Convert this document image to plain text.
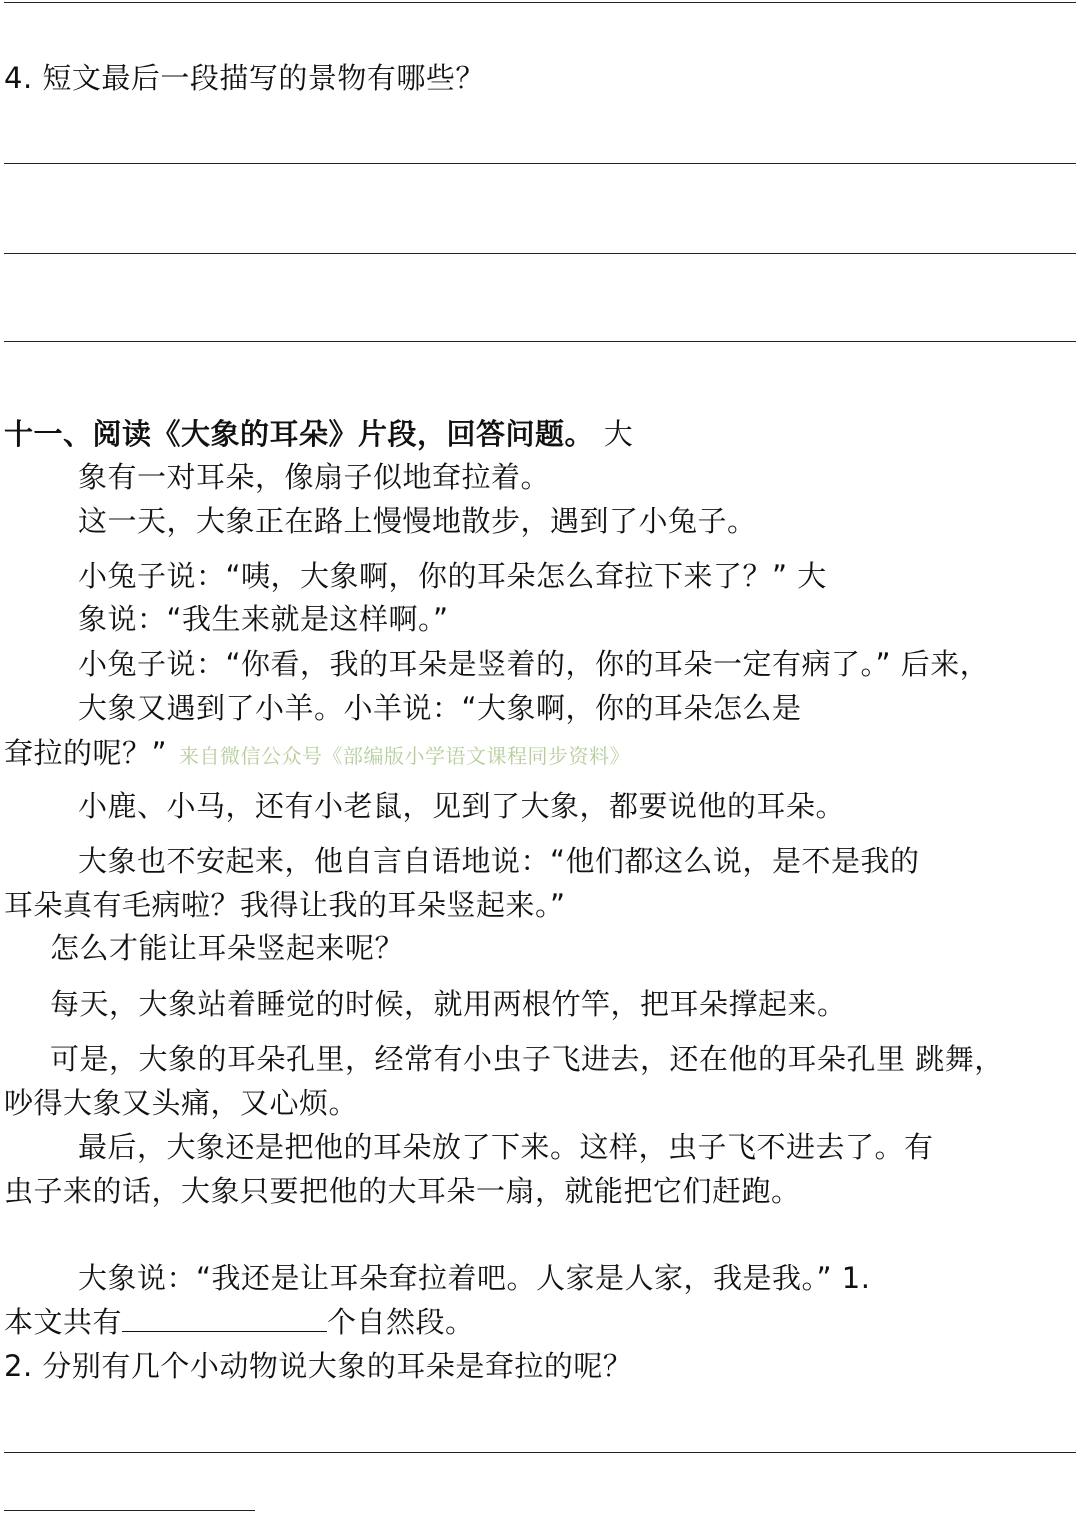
4. 短文最后一段描写的景物有哪些？
十一、阅读《大象的耳朵》片段，回答问题。 大
象有一对耳朵，像扇子似地耷拉着。
这一天，大象正在路上慢慢地散步，遇到了小兔子。
小兔子说：“咦，大象啊，你的耳朵怎么耷拉下来了？” 大
象说：“我生来就是这样啊。”
小兔子说：“你看，我的耳朵是竖着的，你的耳朵一定有病了。” 后来，
大象又遇到了小羊。小羊说：“大象啊，你的耳朵怎么是
耷拉的呢？” 来自微信公众号《部编版小学语文课程同步资料》
小鹿、小马，还有小老鼠，见到了大象，都要说他的耳朵。
大象也不安起来，他自言自语地说：“他们都这么说，是不是我的
耳朵真有毛病啦？我得让我的耳朵竖起来。”
怎么才能让耳朵竖起来呢？
每天，大象站着睡觉的时候，就用两根竹竿，把耳朵撑起来。
可是，大象的耳朵孔里，经常有小虫子飞进去，还在他的耳朵孔里 跳舞，
吵得大象又头痛，又心烦。
最后，大象还是把他的耳朵放了下来。这样，虫子飞不进去了。有
虫子来的话，大象只要把他的大耳朵一扇，就能把它们赶跑。
大象说：“我还是让耳朵耷拉着吧。人家是人家，我是我。” 1.
本文共有	个自然段。
2. 分别有几个小动物说大象的耳朵是耷拉的呢？
